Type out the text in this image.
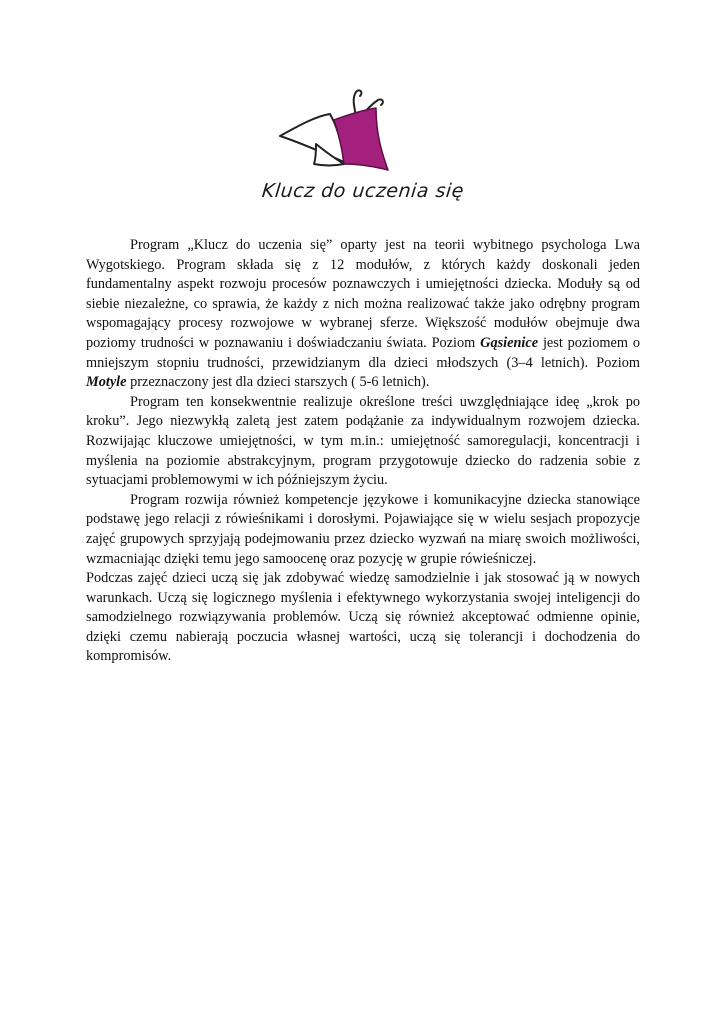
Klucz do uczenia się

Program „Klucz do uczenia się” oparty jest na teorii wybitnego psychologa Lwa Wygotskiego. Program składa się z 12 modułów, z których każdy doskonali jeden fundamentalny aspekt rozwoju procesów poznawczych i umiejętności dziecka. Moduły są od siebie niezależne, co sprawia, że każdy z nich można realizować także jako odrębny program wspomagający procesy rozwojowe w wybranej sferze. Większość modułów obejmuje dwa poziomy trudności w poznawaniu i doświadczaniu świata. Poziom Gąsienice jest poziomem o mniejszym stopniu trudności, przewidzianym dla dzieci młodszych (3–4 letnich). Poziom Motyle przeznaczony jest dla dzieci starszych ( 5-6 letnich).

Program ten konsekwentnie realizuje określone treści uwzględniające ideę „krok po kroku”. Jego niezwykłą zaletą jest zatem podążanie za indywidualnym rozwojem dziecka. Rozwijając kluczowe umiejętności, w tym m.in.: umiejętność samoregulacji, koncentracji i myślenia na poziomie abstrakcyjnym, program przygotowuje dziecko do radzenia sobie z sytuacjami problemowymi w ich późniejszym życiu.

Program rozwija również kompetencje językowe i komunikacyjne dziecka stanowiące podstawę jego relacji z rówieśnikami i dorosłymi. Pojawiające się w wielu sesjach propozycje zajęć grupowych sprzyjają podejmowaniu przez dziecko wyzwań na miarę swoich możliwości, wzmacniając dzięki temu jego samoocenę oraz pozycję w grupie rówieśniczej.

Podczas zajęć dzieci uczą się jak zdobywać wiedzę samodzielnie i jak stosować ją w nowych warunkach. Uczą się logicznego myślenia i efektywnego wykorzystania swojej inteligencji do samodzielnego rozwiązywania problemów. Uczą się również akceptować odmienne opinie, dzięki czemu nabierają poczucia własnej wartości, uczą się tolerancji i dochodzenia do kompromisów.
